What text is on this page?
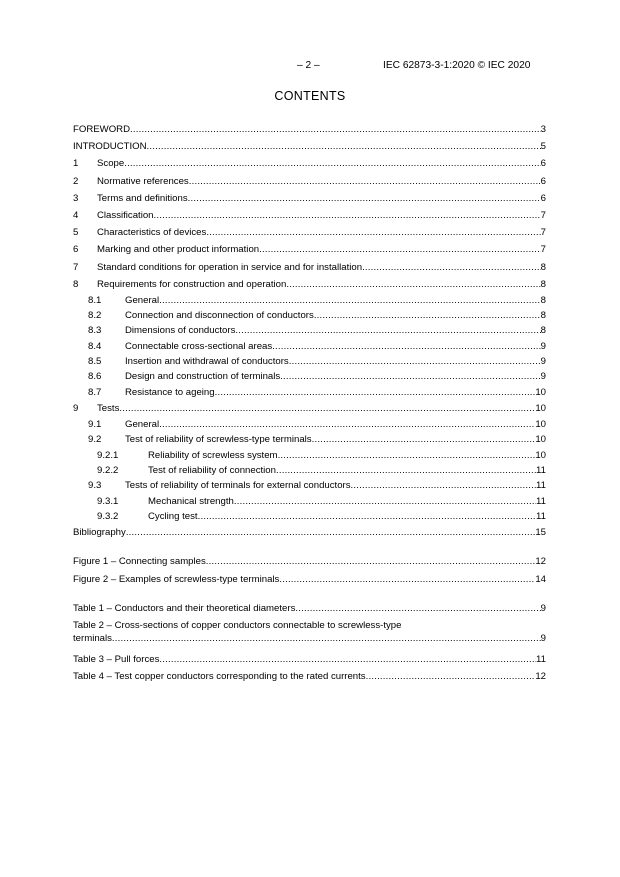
– 2 –	IEC 62873-3-1:2020 © IEC 2020
CONTENTS
FOREWORD .....	3
INTRODUCTION .....	5
1 Scope .....	6
2 Normative references .....	6
3 Terms and definitions .....	6
4 Classification .....	7
5 Characteristics of devices .....	7
6 Marking and other product information .....	7
7 Standard conditions for operation in service and for installation .....	8
8 Requirements for construction and operation .....	8
8.1 General .....	8
8.2 Connection and disconnection of conductors .....	8
8.3 Dimensions of conductors .....	8
8.4 Connectable cross-sectional areas .....	9
8.5 Insertion and withdrawal of conductors .....	9
8.6 Design and construction of terminals .....	9
8.7 Resistance to ageing .....	10
9 Tests .....	10
9.1 General .....	10
9.2 Test of reliability of screwless-type terminals .....	10
9.2.1	Reliability of screwless system .....	10
9.2.2	Test of reliability of connection .....	11
9.3 Tests of reliability of terminals for external conductors .....	11
9.3.1	Mechanical strength .....	11
9.3.2	Cycling test .....	11
Bibliography .....	15
Figure 1 – Connecting samples .....	12
Figure 2 – Examples of screwless-type terminals .....	14
Table 1 – Conductors and their theoretical diameters .....	9
Table 2 – Cross-sections of copper conductors connectable to screwless-type
terminals .....	9
Table 3 – Pull forces .....	11
Table 4 – Test copper conductors corresponding to the rated currents .....	12
